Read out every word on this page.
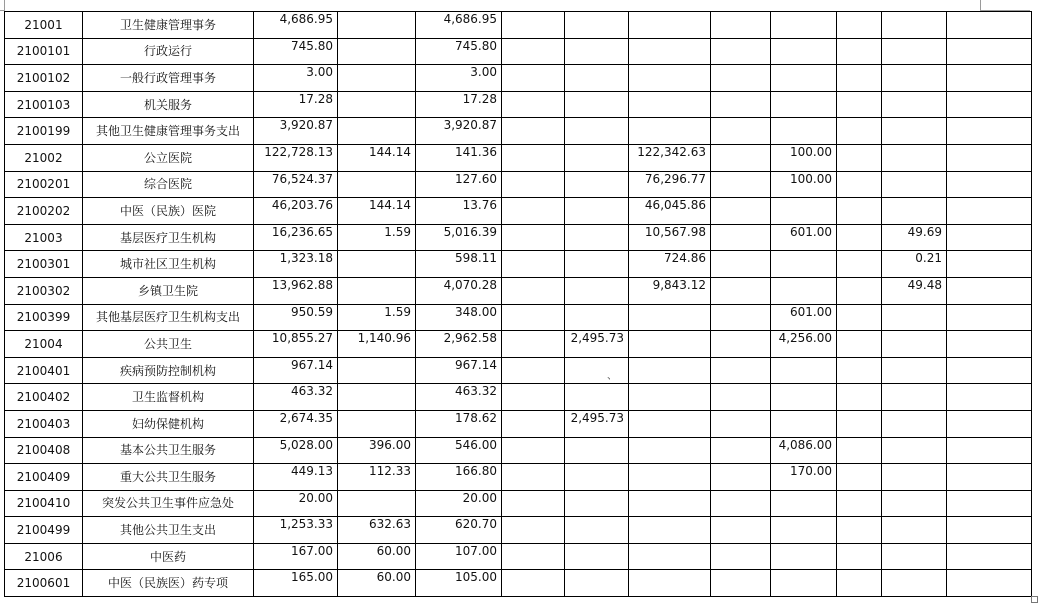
21001	卫生健康管理事务	4,686.95		4,686.95								
2100101	行政运行	745.80		745.80								
2100102	一般行政管理事务	3.00		3.00								
2100103	机关服务	17.28		17.28								
2100199	其他卫生健康管理事务支出	3,920.87		3,920.87								
21002	公立医院	122,728.13	144.14	141.36			122,342.63		100.00			
2100201	综合医院	76,524.37		127.60			76,296.77		100.00			
2100202	中医（民族）医院	46,203.76	144.14	13.76			46,045.86					
21003	基层医疗卫生机构	16,236.65	1.59	5,016.39			10,567.98		601.00		49.69	
2100301	城市社区卫生机构	1,323.18		598.11			724.86				0.21	
2100302	乡镇卫生院	13,962.88		4,070.28			9,843.12				49.48	
2100399	其他基层医疗卫生机构支出	950.59	1.59	348.00					601.00			
21004	公共卫生	10,855.27	1,140.96	2,962.58		2,495.73			4,256.00			
2100401	疾病预防控制机构	967.14		967.14								
2100402	卫生监督机构	463.32		463.32								
2100403	妇幼保健机构	2,674.35		178.62		2,495.73						
2100408	基本公共卫生服务	5,028.00	396.00	546.00					4,086.00			
2100409	重大公共卫生服务	449.13	112.33	166.80					170.00			
2100410	突发公共卫生事件应急处	20.00		20.00								
2100499	其他公共卫生支出	1,253.33	632.63	620.70								
21006	中医药	167.00	60.00	107.00								
2100601	中医（民族医）药专项	165.00	60.00	105.00								
、
